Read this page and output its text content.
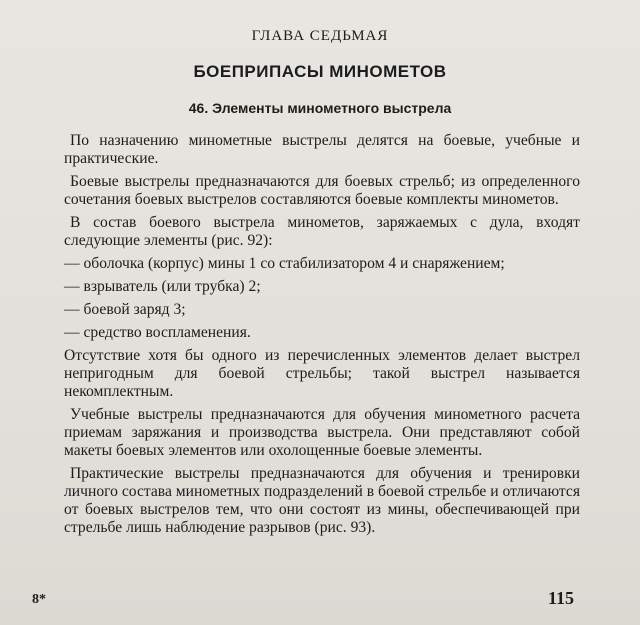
ГЛАВА СЕДЬМАЯ
БОЕПРИПАСЫ МИНОМЕТОВ
46. Элементы минометного выстрела

По назначению минометные выстрелы делятся на боевые, учебные и практические.

Боевые выстрелы предназначаются для боевых стрельб; из определенного сочетания боевых выстрелов составляются боевые комплекты минометов.

В состав боевого выстрела минометов, заряжаемых с дула, входят следующие элементы (рис. 92):

— оболочка (корпус) мины 1 со стабилизатором 4 и снаряжением;

— взрыватель (или трубка) 2;

— боевой заряд 3;

— средство воспламенения.

Отсутствие хотя бы одного из перечисленных элементов делает выстрел непригодным для боевой стрельбы; такой выстрел называется некомплектным.

Учебные выстрелы предназначаются для обучения минометного расчета приемам заряжания и производства выстрела. Они представляют собой макеты боевых элементов или охолощенные боевые элементы.

Практические выстрелы предназначаются для обучения и тренировки личного состава минометных подразделений в боевой стрельбе и отличаются от боевых выстрелов тем, что они состоят из мины, обеспечивающей при стрельбе лишь наблюдение разрывов (рис. 93).

8*	115
